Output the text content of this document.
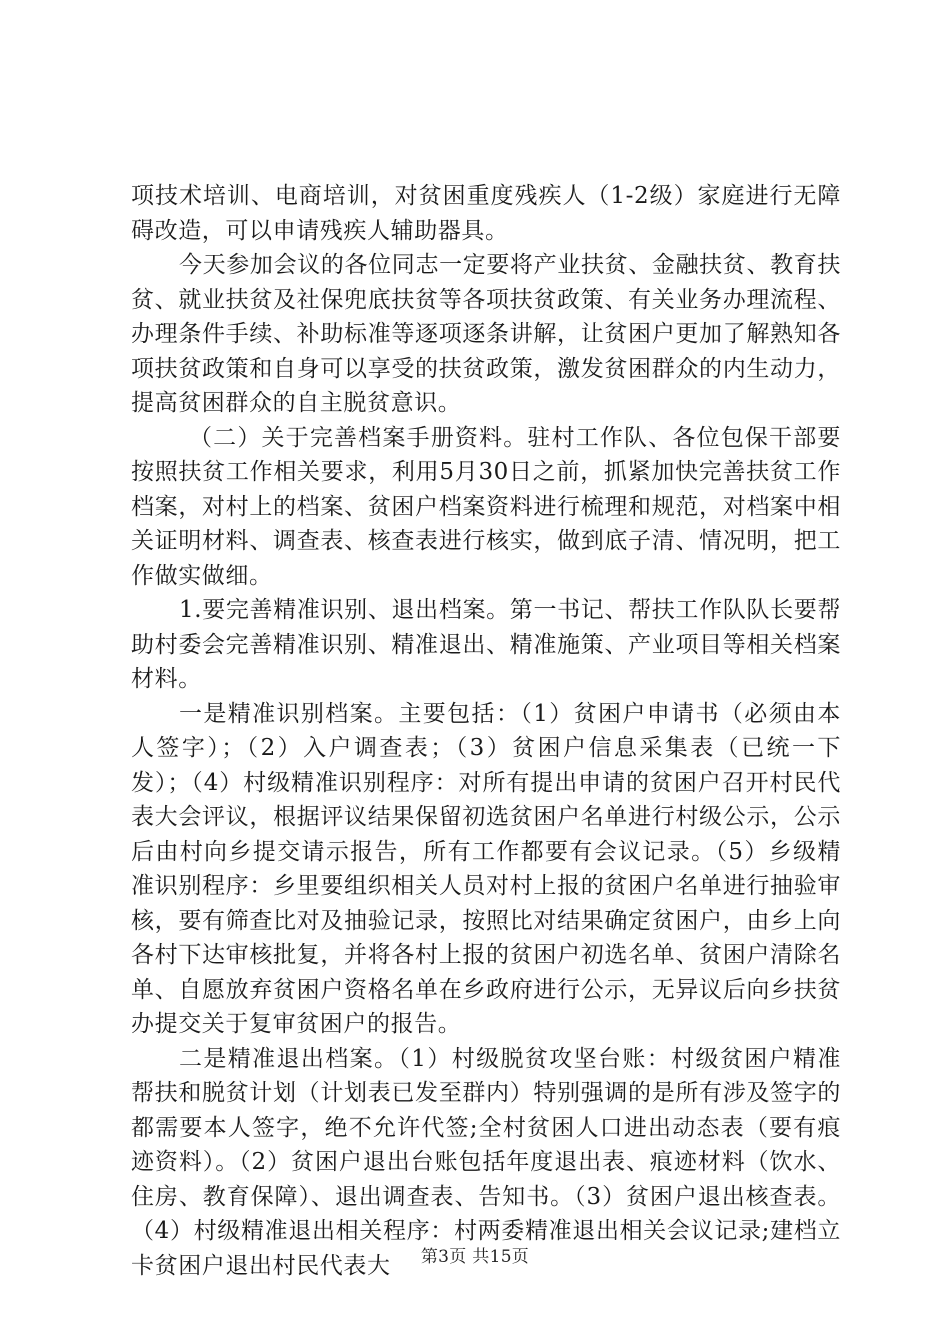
项技术培训、电商培训，对贫困重度残疾人（1-2级）家庭进行无障碍改造，可以申请残疾人辅助器具。

今天参加会议的各位同志一定要将产业扶贫、金融扶贫、教育扶贫、就业扶贫及社保兜底扶贫等各项扶贫政策、有关业务办理流程、办理条件手续、补助标准等逐项逐条讲解，让贫困户更加了解熟知各项扶贫政策和自身可以享受的扶贫政策，激发贫困群众的内生动力，提高贫困群众的自主脱贫意识。

（二）关于完善档案手册资料。驻村工作队、各位包保干部要按照扶贫工作相关要求，利用5月30日之前，抓紧加快完善扶贫工作档案，对村上的档案、贫困户档案资料进行梳理和规范，对档案中相关证明材料、调查表、核查表进行核实，做到底子清、情况明，把工作做实做细。

1.要完善精准识别、退出档案。第一书记、帮扶工作队队长要帮助村委会完善精准识别、精准退出、精准施策、产业项目等相关档案材料。

一是精准识别档案。主要包括：（1）贫困户申请书（必须由本人签字）；（2）入户调查表；（3）贫困户信息采集表（已统一下发）；（4）村级精准识别程序：对所有提出申请的贫困户召开村民代表大会评议，根据评议结果保留初选贫困户名单进行村级公示，公示后由村向乡提交请示报告，所有工作都要有会议记录。（5）乡级精准识别程序：乡里要组织相关人员对村上报的贫困户名单进行抽验审核，要有筛查比对及抽验记录，按照比对结果确定贫困户，由乡上向各村下达审核批复，并将各村上报的贫困户初选名单、贫困户清除名单、自愿放弃贫困户资格名单在乡政府进行公示，无异议后向乡扶贫办提交关于复审贫困户的报告。

二是精准退出档案。（1）村级脱贫攻坚台账：村级贫困户精准帮扶和脱贫计划（计划表已发至群内）特别强调的是所有涉及签字的都需要本人签字，绝不允许代签;全村贫困人口进出动态表（要有痕迹资料）。（2）贫困户退出台账包括年度退出表、痕迹材料（饮水、住房、教育保障）、退出调查表、告知书。（3）贫困户退出核查表。（4）村级精准退出相关程序：村两委精准退出相关会议记录;建档立卡贫困户退出村民代表大	第3页 共15页
